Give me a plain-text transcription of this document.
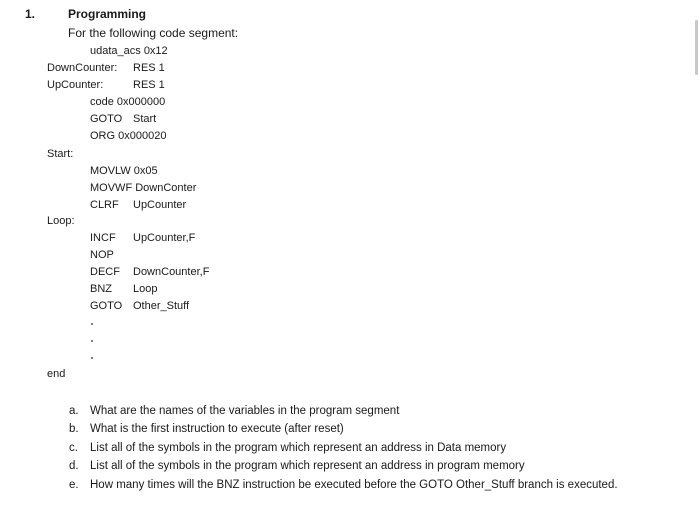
1.	Programming
For the following code segment:
udata_acs 0x12
DownCounter: RES 1
UpCounter:	RES 1
code 0x000000
GOTO Start
ORG 0x000020
Start:
MOVLW 0x05
MOVWF DownConter
CLRF UpCounter
Loop:
INCF UpCounter,F
NOP
DECF DownCounter,F
BNZ Loop
GOTO Other_Stuff
end
a. What are the names of the variables in the program segment
b. What is the first instruction to execute (after reset)
c. List all of the symbols in the program which represent an address in Data memory
d. List all of the symbols in the program which represent an address in program memory
e. How many times will the BNZ instruction be executed before the GOTO Other_Stuff branch is executed.
